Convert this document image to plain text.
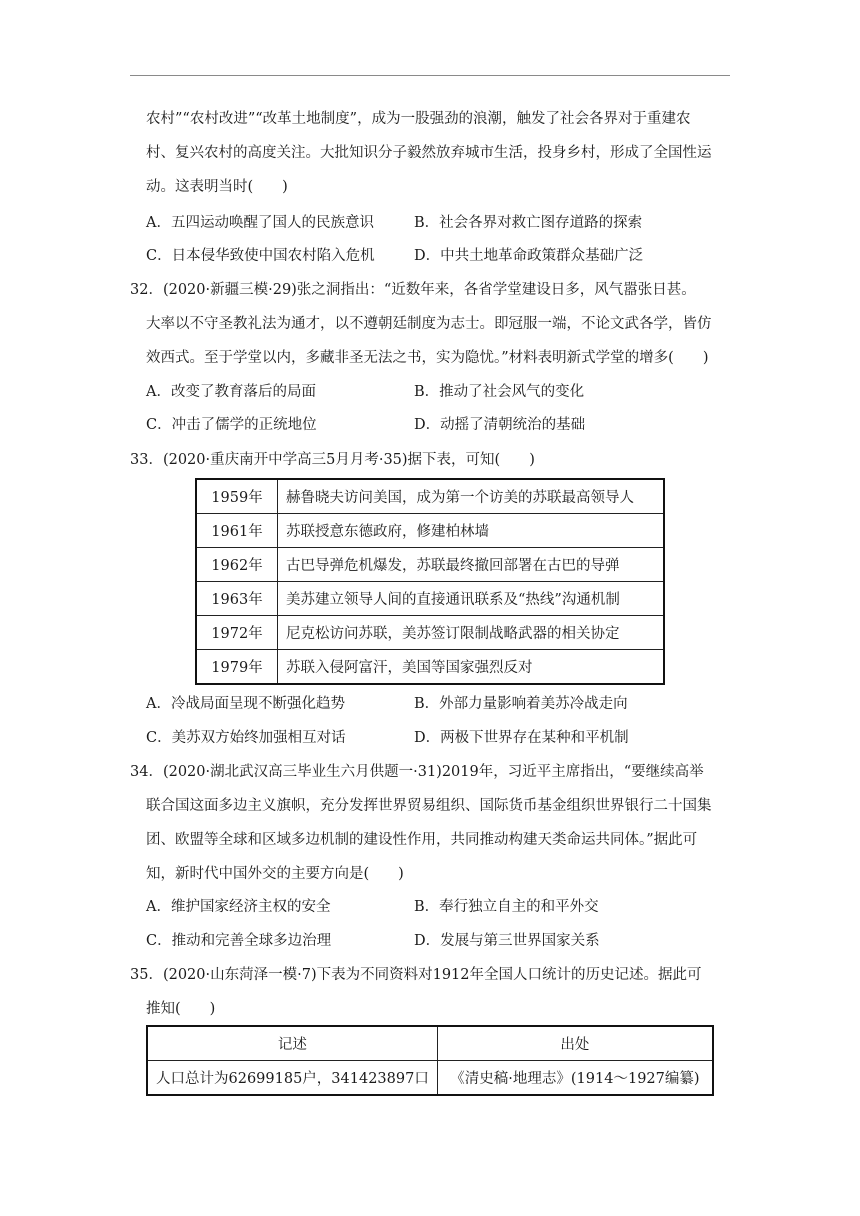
农村”“农村改进”“改革土地制度”，成为一股强劲的浪潮，触发了社会各界对于重建农
村、复兴农村的高度关注。大批知识分子毅然放弃城市生活，投身乡村，形成了全国性运
动。这表明当时(　　)
A．五四运动唤醒了国人的民族意识	B．社会各界对救亡图存道路的探索
C．日本侵华致使中国农村陷入危机	D．中共土地革命政策群众基础广泛
32．(2020·新疆三模·29)张之洞指出：“近数年来，各省学堂建设日多，风气嚣张日甚。
大率以不守圣教礼法为通才，以不遵朝廷制度为志士。即冠服一端，不论文武各学，皆仿
效西式。至于学堂以内，多藏非圣无法之书，实为隐忧。”材料表明新式学堂的增多(　　)
A．改变了教育落后的局面	B．推动了社会风气的变化
C．冲击了儒学的正统地位	D．动摇了清朝统治的基础
33．(2020·重庆南开中学高三5月月考·35)据下表，可知(　　)
1959年	赫鲁晓夫访问美国，成为第一个访美的苏联最高领导人
1961年	苏联授意东德政府，修建柏林墙
1962年	古巴导弹危机爆发，苏联最终撤回部署在古巴的导弹
1963年	美苏建立领导人间的直接通讯联系及“热线”沟通机制
1972年	尼克松访问苏联，美苏签订限制战略武器的相关协定
1979年	苏联入侵阿富汗，美国等国家强烈反对
A．冷战局面呈现不断强化趋势	B．外部力量影响着美苏冷战走向
C．美苏双方始终加强相互对话	D．两极下世界存在某种和平机制
34．(2020·湖北武汉高三毕业生六月供题一·31)2019年，习近平主席指出，“要继续高举
联合国这面多边主义旗帜，充分发挥世界贸易组织、国际货币基金组织世界银行二十国集
团、欧盟等全球和区域多边机制的建设性作用，共同推动构建天类命运共同体。”据此可
知，新时代中国外交的主要方向是(　　)
A．维护国家经济主权的安全	B．奉行独立自主的和平外交
C．推动和完善全球多边治理	D．发展与第三世界国家关系
35．(2020·山东菏泽一模·7)下表为不同资料对1912年全国人口统计的历史记述。据此可
推知(　　)
记述	出处
人口总计为62699185户，341423897口	《清史稿·地理志》(1914～1927编纂)
